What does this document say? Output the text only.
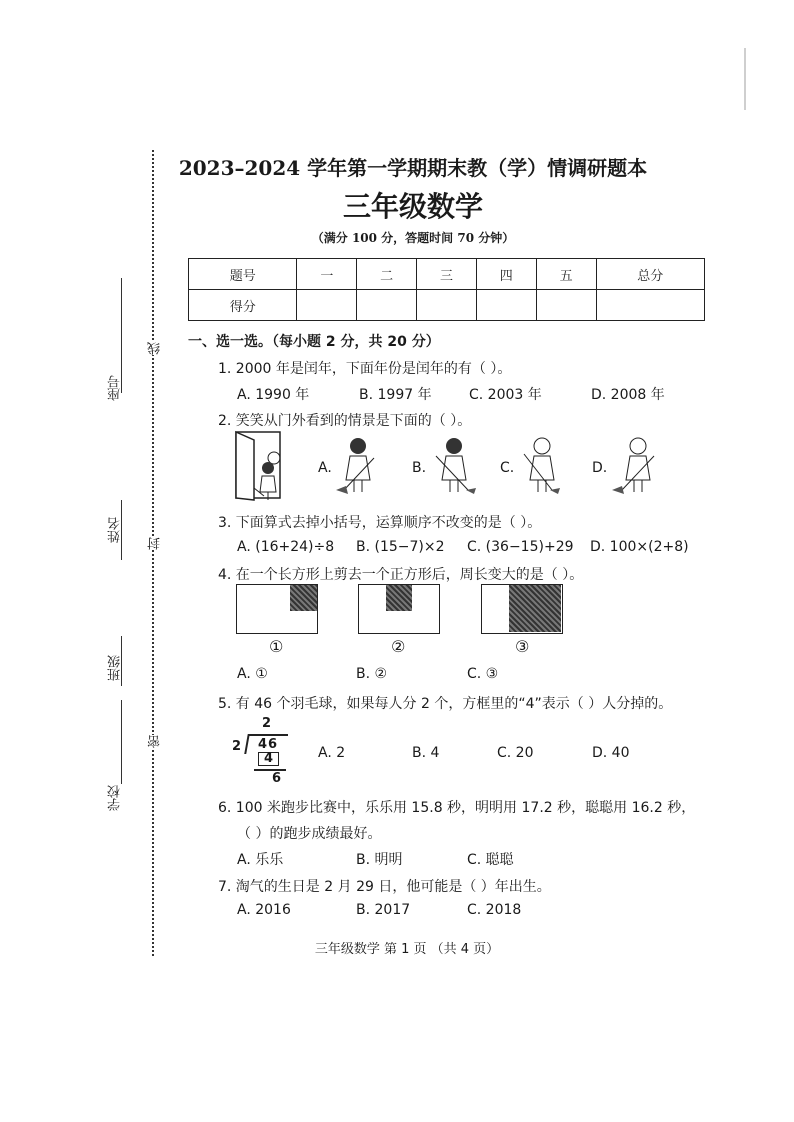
座号
姓名
班级
学校
线
封
密
2023–2024 学年第一学期期末教（学）情调研题本
三年级数学
（满分 100 分，答题时间 70 分钟）
题号	一	二	三	四	五	总分
得分						
一、选一选。（每小题 2 分，共 20 分）
1. 2000 年是闰年，下面年份是闰年的有（ ）。
A. 1990 年	B. 1997 年	C. 2003 年	D. 2008 年
2. 笑笑从门外看到的情景是下面的（ ）。
A.	B.	C.	D.
3. 下面算式去掉小括号，运算顺序不改变的是（ ）。
A. (16+24)÷8 B. (15−7)×2 C. (36−15)+29 D. 100×(2+8)
4. 在一个长方形上剪去一个正方形后，周长变大的是（ ）。
①	②	③
A. ①	B. ②	C. ③
5. 有 46 个羽毛球，如果每人分 2 个，方框里的“4”表示（ ）人分掉的。
2
2 46
4
6
A. 2	B. 4	C. 20	D. 40
6. 100 米跑步比赛中，乐乐用 15.8 秒，明明用 17.2 秒，聪聪用 16.2 秒，
（ ）的跑步成绩最好。
A. 乐乐	B. 明明	C. 聪聪
7. 淘气的生日是 2 月 29 日，他可能是（ ）年出生。
A. 2016	B. 2017	C. 2018
三年级数学 第 1 页 （共 4 页）
